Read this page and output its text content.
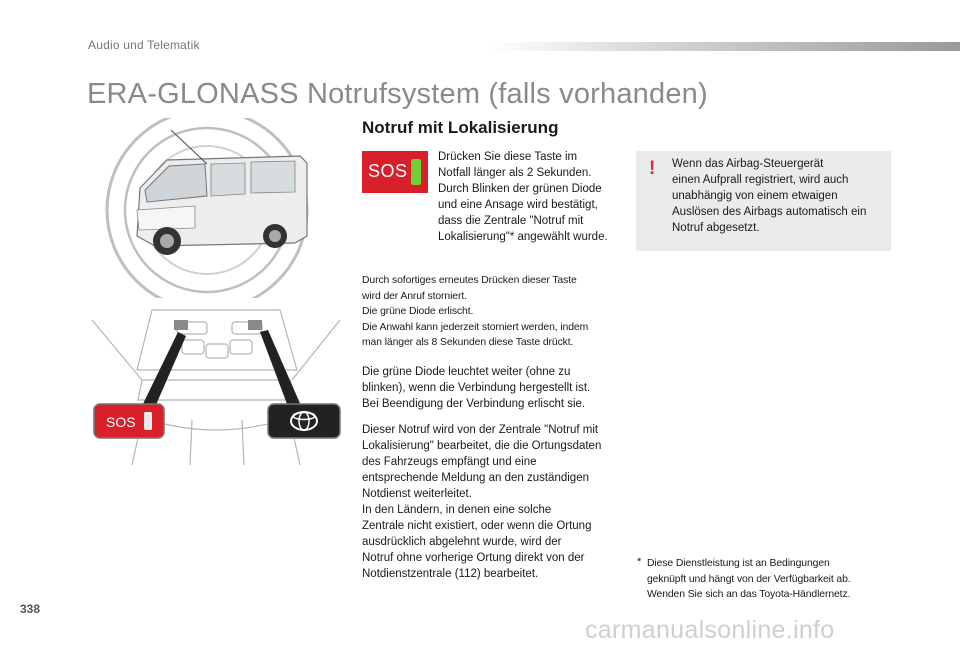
Audio und Telematik
ERA-GLONASS Notrufsystem (falls vorhanden)
SOS
Notruf mit Lokalisierung
SOS
Drücken Sie diese Taste im
Notfall länger als 2 Sekunden.
Durch Blinken der grünen Diode
und eine Ansage wird bestätigt,
dass die Zentrale "Notruf mit
Lokalisierung"* angewählt wurde.
Durch sofortiges erneutes Drücken dieser Taste
wird der Anruf storniert.
Die grüne Diode erlischt.
Die Anwahl kann jederzeit storniert werden, indem
man länger als 8 Sekunden diese Taste drückt.
Die grüne Diode leuchtet weiter (ohne zu
blinken), wenn die Verbindung hergestellt ist.
Bei Beendigung der Verbindung erlischt sie.
Dieser Notruf wird von der Zentrale "Notruf mit
Lokalisierung" bearbeitet, die die Ortungsdaten
des Fahrzeugs empfängt und eine
entsprechende Meldung an den zuständigen
Notdienst weiterleitet.
In den Ländern, in denen eine solche
Zentrale nicht existiert, oder wenn die Ortung
ausdrücklich abgelehnt wurde, wird der
Notruf ohne vorherige Ortung direkt von der
Notdienstzentrale (112) bearbeitet.
! Wenn das Airbag-Steuergerät
einen Aufprall registriert, wird auch
unabhängig von einem etwaigen
Auslösen des Airbags automatisch ein
Notruf abgesetzt.
* Diese Dienstleistung ist an Bedingungen
geknüpft und hängt von der Verfügbarkeit ab.
Wenden Sie sich an das Toyota-Händlernetz.
338
carmanualsonline.info
